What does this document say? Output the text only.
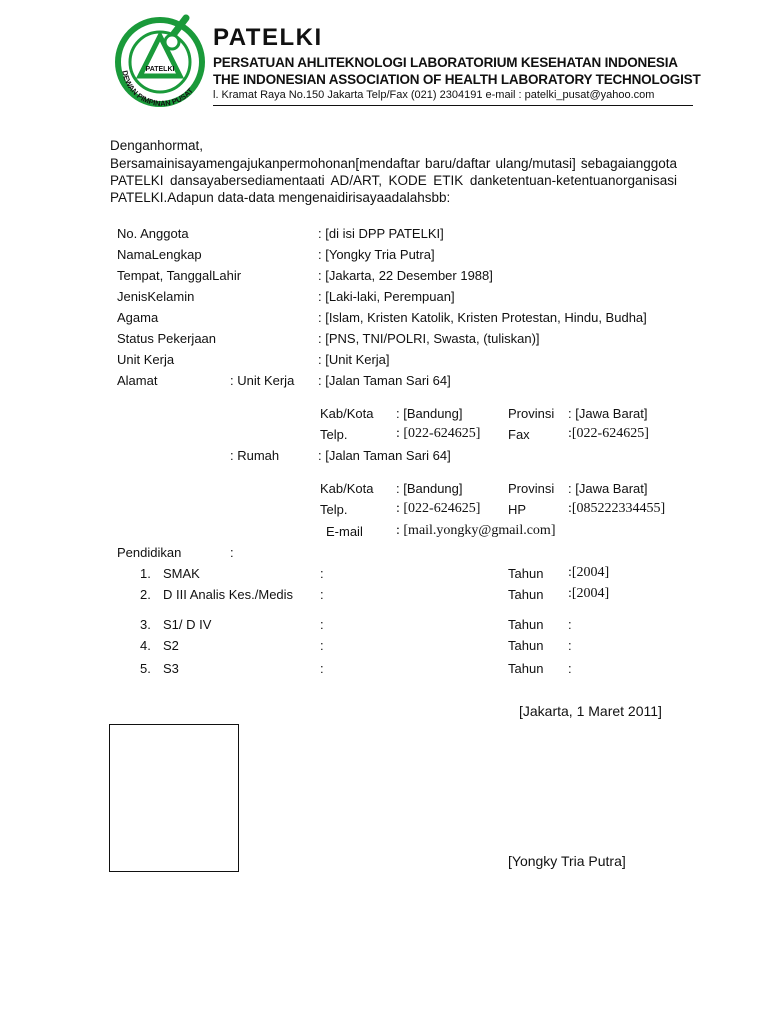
PATELKI
DEWAN PIMPINAN PUSAT
PATELKI
PERSATUAN AHLITEKNOLOGI LABORATORIUM KESEHATAN INDONESIA
THE INDONESIAN ASSOCIATION OF HEALTH LABORATORY TECHNOLOGIST
l. Kramat Raya No.150 Jakarta Telp/Fax (021) 2304191 e-mail : patelki_pusat@yahoo.com
Denganhormat,
Bersamainisayamengajukanpermohonan[mendaftar baru/daftar ulang/mutasi] sebagaianggota PATELKI dansayabersediamentaati AD/ART, KODE ETIK danketentuan-ketentuanorganisasi PATELKI.Adapun data-data mengenaidirisayaadalahsbb:
No. Anggota	: [di isi DPP PATELKI]
NamaLengkap	: [Yongky Tria Putra]
Tempat, TanggalLahir	: [Jakarta, 22 Desember 1988]
JenisKelamin	: [Laki-laki, Perempuan]
Agama	: [Islam, Kristen Katolik, Kristen Protestan, Hindu, Budha]
Status Pekerjaan	: [PNS, TNI/POLRI, Swasta, (tuliskan)]
Unit Kerja	: [Unit Kerja]
Alamat	: Unit Kerja : [Jalan Taman Sari 64]
Kab/Kota : [Bandung]	Provinsi : [Jawa Barat]
Telp.	: [022-624625] Fax	:[022-624625]
: Rumah	: [Jalan Taman Sari 64]
Kab/Kota : [Bandung]	Provinsi : [Jawa Barat]
Telp.	: [022-624625] HP	:[085222334455]
E-mail : [mail.yongky@gmail.com]
Pendidikan	:
1. SMAK	:	Tahun :[2004]
2. D III Analis Kes./Medis :	Tahun :[2004]
3. S1/ D IV	:	Tahun :
4. S2	:	Tahun :
5. S3	:	Tahun :
[Jakarta, 1 Maret 2011]
[Yongky Tria Putra]
